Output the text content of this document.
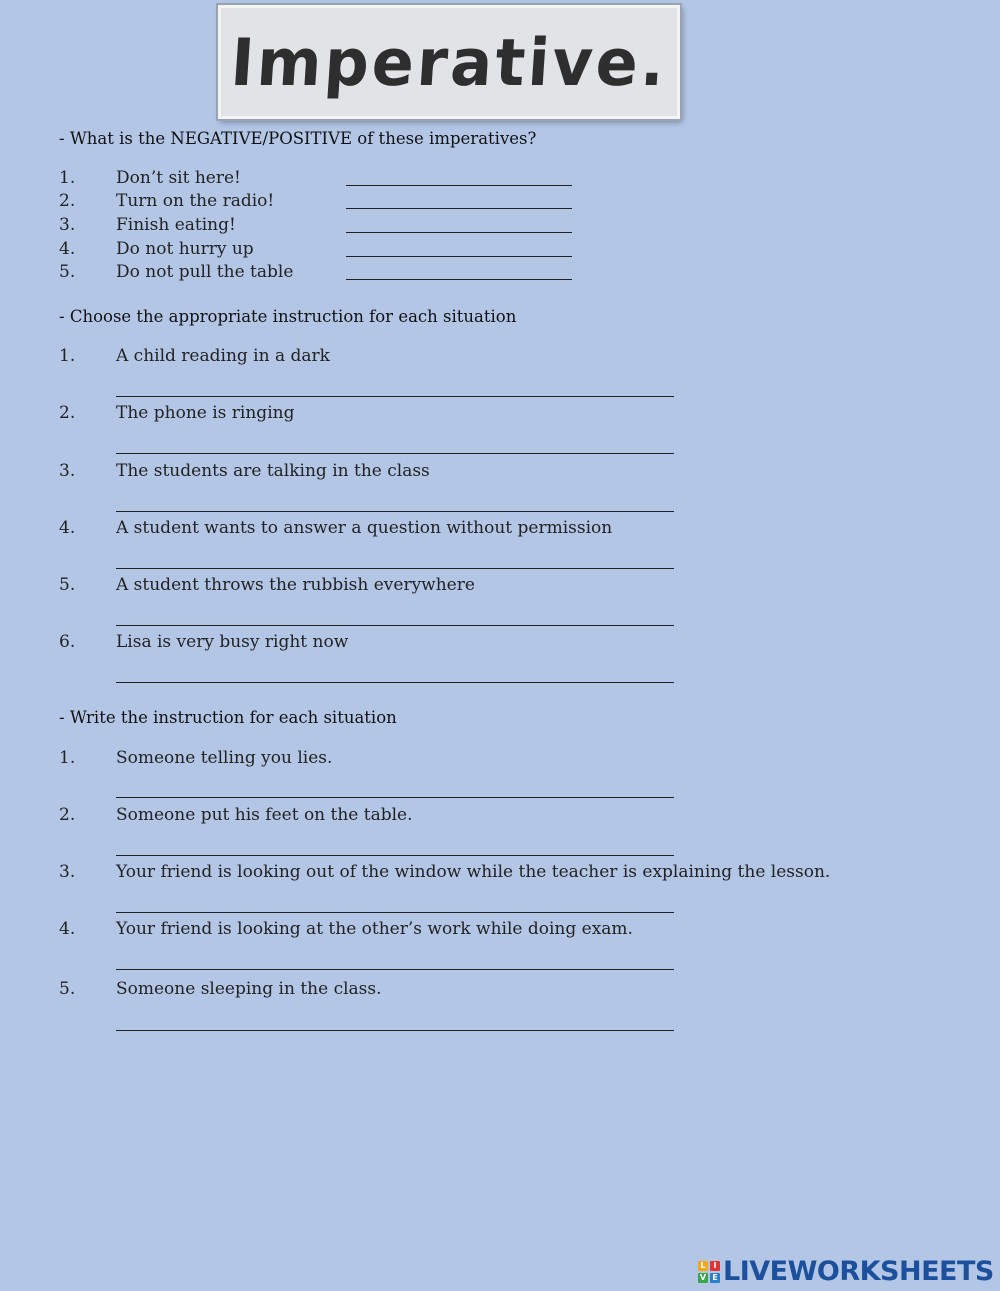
Imperative.
- What is the NEGATIVE/POSITIVE of these imperatives?
1. Don’t sit here!
2. Turn on the radio!
3. Finish eating!
4. Do not hurry up
5. Do not pull the table
- Choose the appropriate instruction for each situation
1. A child reading in a dark
2. The phone is ringing
3. The students are talking in the class
4. A student wants to answer a question without permission
5. A student throws the rubbish everywhere
6. Lisa is very busy right now
- Write the instruction for each situation
1. Someone telling you lies.
2. Someone put his feet on the table.
3. Your friend is looking out of the window while the teacher is explaining the lesson.
4. Your friend is looking at the other’s work while doing exam.
5. Someone sleeping in the class.
L I
V E LIVEWORKSHEETS
